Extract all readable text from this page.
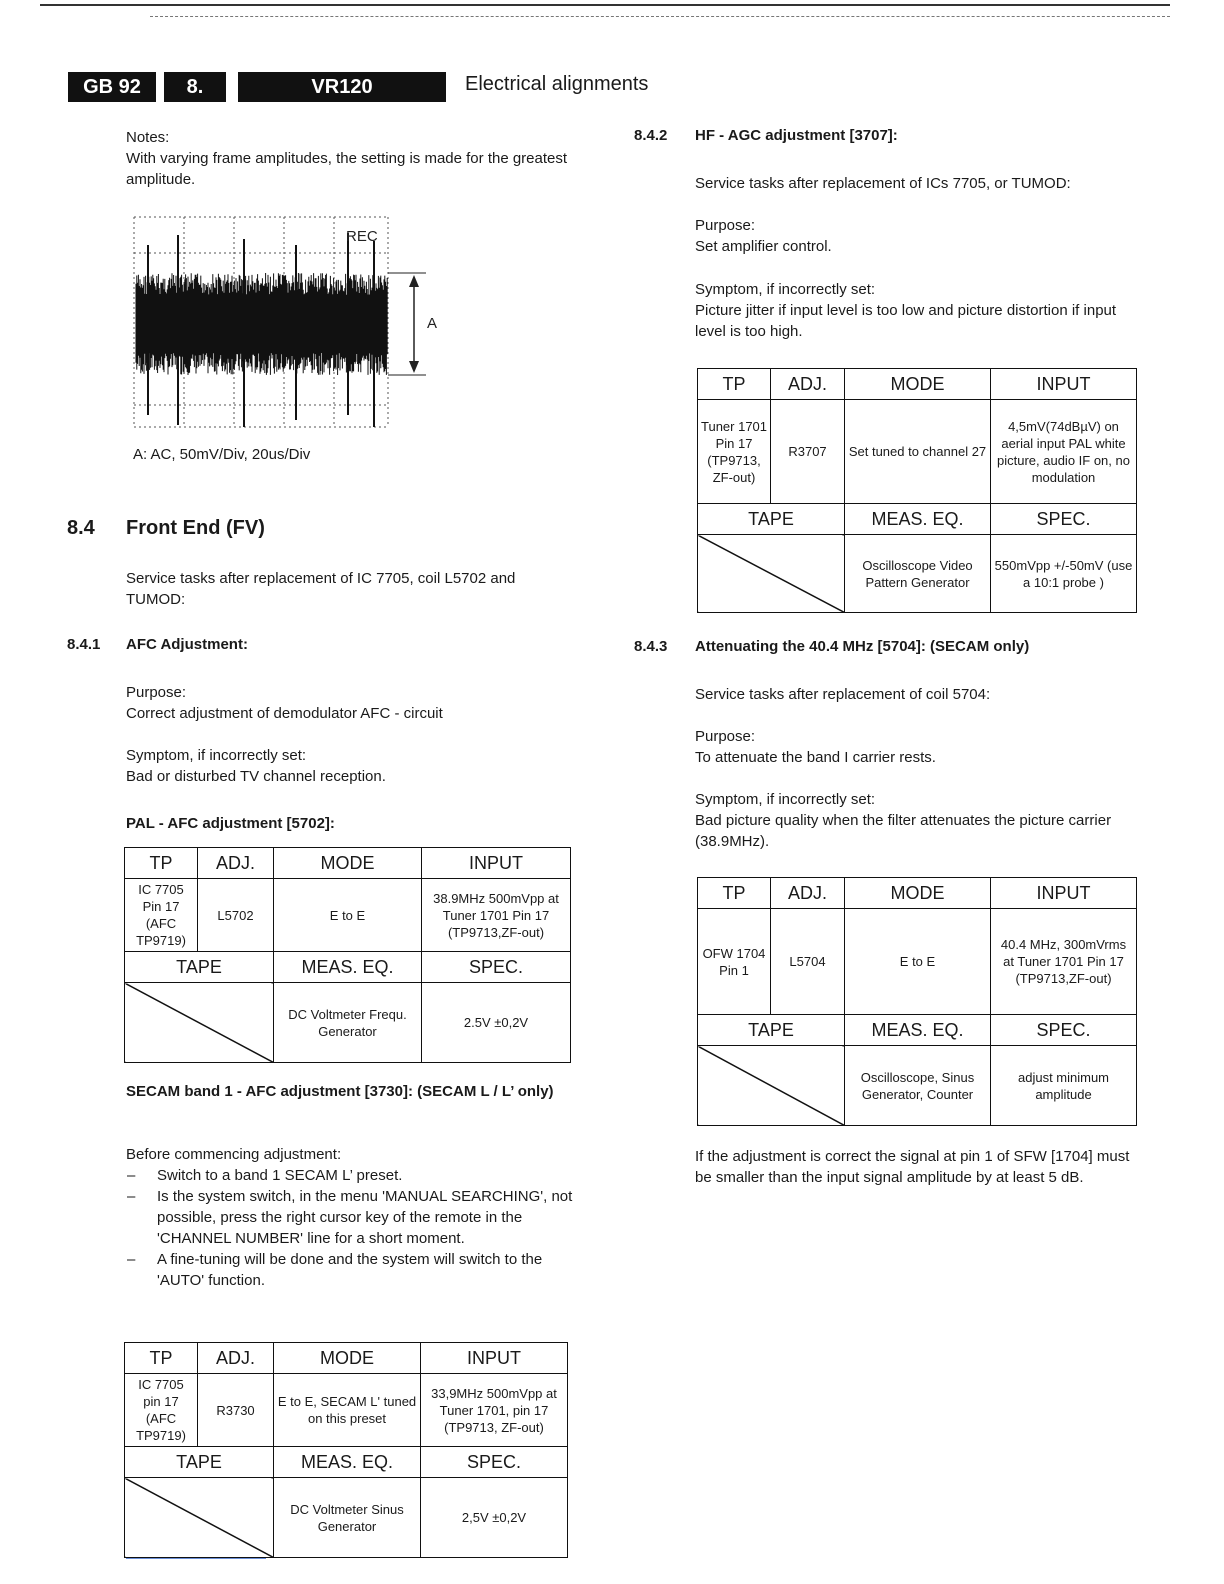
GB 92	8.	VR120	Electrical alignments
Notes:
With varying frame amplitudes, the setting is made for the greatest amplitude.
REC
A
A: AC, 50mV/Div, 20us/Div
8.4 Front End (FV)
Service tasks after replacement of IC 7705, coil L5702 and TUMOD:
8.4.1 AFC Adjustment:
Purpose:
Correct adjustment of demodulator AFC - circuit
Symptom, if incorrectly set:
Bad or disturbed TV channel reception.
PAL - AFC adjustment [5702]:
TP	ADJ.	MODE	INPUT
IC 7705 Pin 17 (AFC TP9719)	L5702	E to E	38.9MHz 500mVpp at Tuner 1701 Pin 17 (TP9713,ZF-out)
TAPE		MEAS. EQ.	SPEC.
		DC Voltmeter Frequ. Generator	2.5V ±0,2V
SECAM band 1 - AFC adjustment [3730]: (SECAM L / L’ only)
Before commencing adjustment:
– Switch to a band 1 SECAM L’ preset.
– Is the system switch, in the menu 'MANUAL SEARCHING', not possible, press the right cursor key of the remote in the 'CHANNEL NUMBER' line for a short moment.
– A fine-tuning will be done and the system will switch to the 'AUTO' function.
TP	ADJ.	MODE	INPUT
IC 7705 pin 17 (AFC TP9719)	R3730	E to E, SECAM L' tuned on this preset	33,9MHz 500mVpp at Tuner 1701, pin 17 (TP9713, ZF-out)
TAPE		MEAS. EQ.	SPEC.
		DC Voltmeter Sinus Generator	2,5V ±0,2V
8.4.2 HF - AGC adjustment [3707]:
Service tasks after replacement of ICs 7705, or TUMOD:
Purpose:
Set amplifier control.
Symptom, if incorrectly set:
Picture jitter if input level is too low and picture distortion if input level is too high.
TP	ADJ.	MODE	INPUT
Tuner 1701 Pin 17 (TP9713, ZF-out)	R3707	Set tuned to channel 27	4,5mV(74dBµV) on aerial input PAL white picture, audio IF on, no modulation
TAPE		MEAS. EQ.	SPEC.
		Oscilloscope Video Pattern Generator	550mVpp +/-50mV (use a 10:1 probe )
8.4.3 Attenuating the 40.4 MHz [5704]: (SECAM only)
Service tasks after replacement of coil 5704:
Purpose:
To attenuate the band I carrier rests.
Symptom, if incorrectly set:
Bad picture quality when the filter attenuates the picture carrier (38.9MHz).
TP	ADJ.	MODE	INPUT
OFW 1704 Pin 1	L5704	E to E	40.4 MHz, 300mVrms at Tuner 1701 Pin 17 (TP9713,ZF-out)
TAPE		MEAS. EQ.	SPEC.
		Oscilloscope, Sinus Generator, Counter	adjust minimum amplitude
If the adjustment is correct the signal at pin 1 of SFW [1704] must be smaller than the input signal amplitude by at least 5 dB.
